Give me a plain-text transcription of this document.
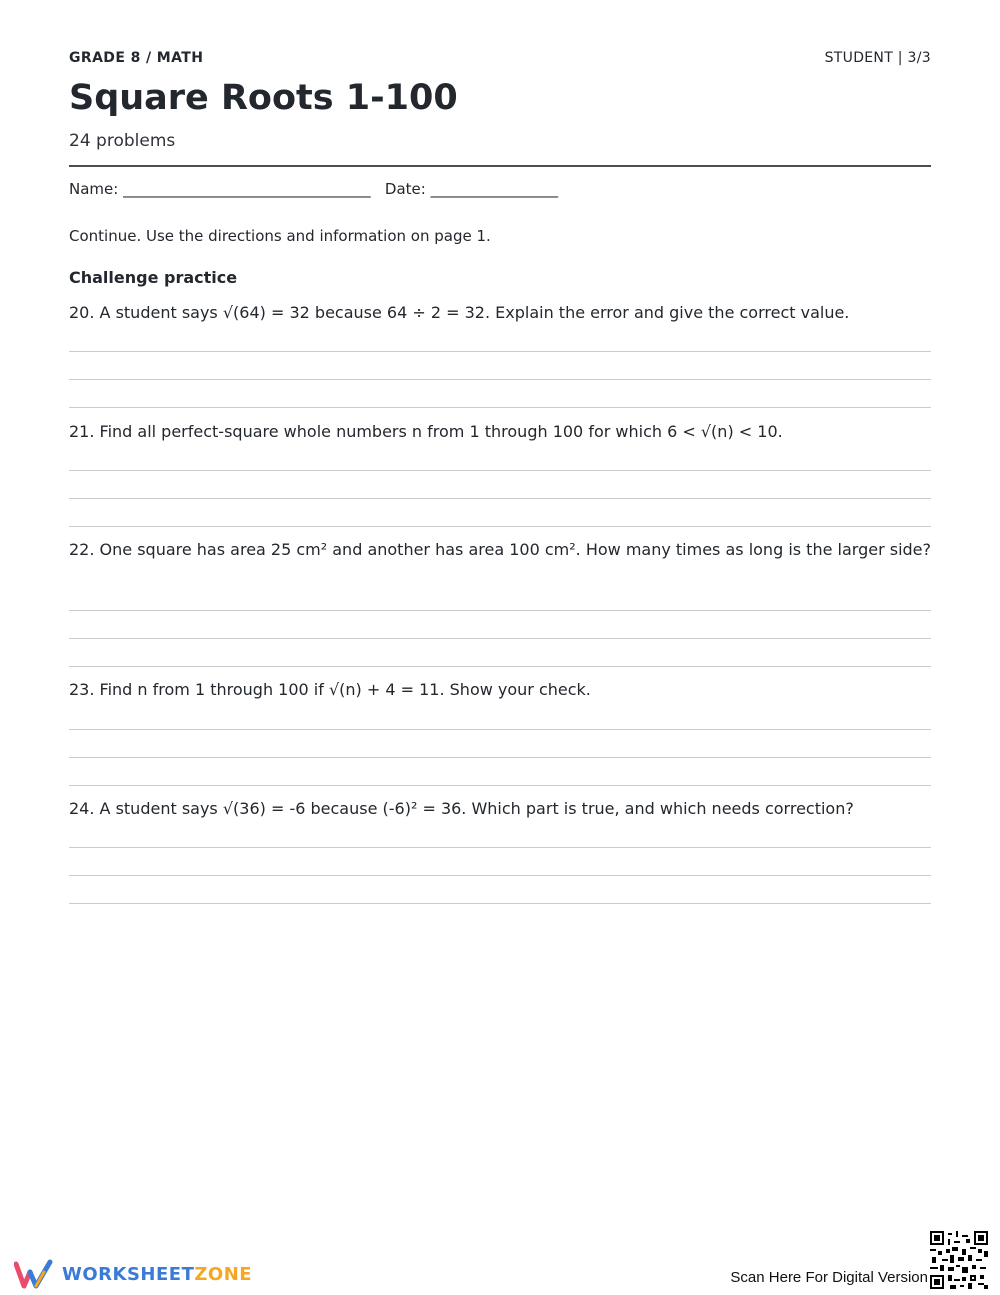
GRADE 8 / MATH	STUDENT | 3/3
Square Roots 1-100
24 problems
Name: _________________________________ Date: _________________
Continue. Use the directions and information on page 1.
Challenge practice
20. A student says √(64) = 32 because 64 ÷ 2 = 32. Explain the error and give the correct value.
21. Find all perfect-square whole numbers n from 1 through 100 for which 6 < √(n) < 10.
22. One square has area 25 cm² and another has area 100 cm². How many times as long is the larger side?
23. Find n from 1 through 100 if √(n) + 4 = 11. Show your check.
24. A student says √(36) = -6 because (-6)² = 36. Which part is true, and which needs correction?
WORKSHEETZONE	Scan Here For Digital Version
